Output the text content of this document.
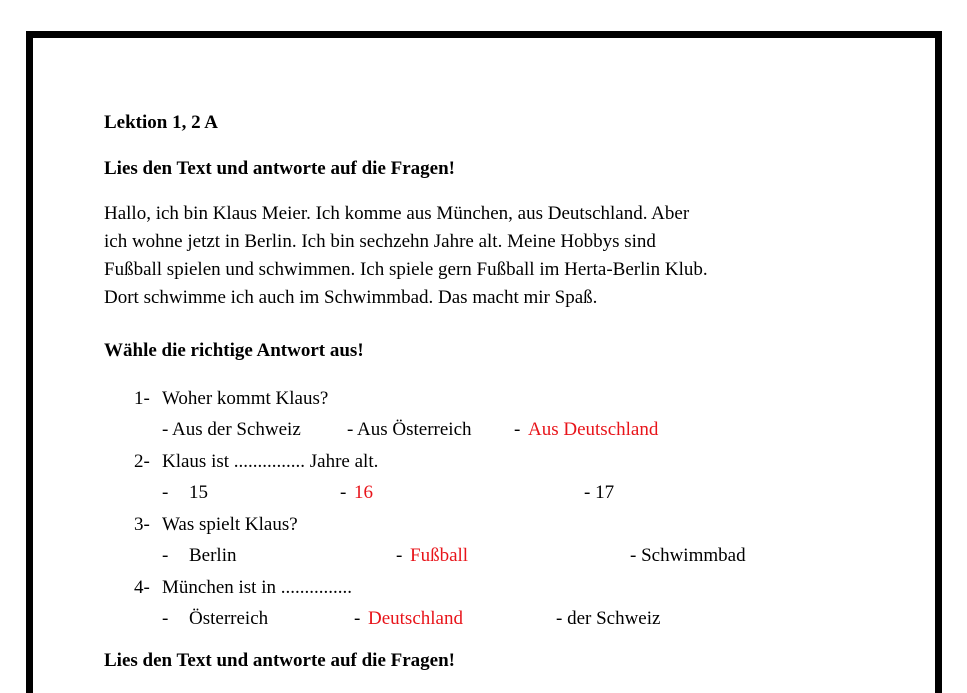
Lektion 1, 2 A
Lies den Text und antworte auf die Fragen!
Hallo, ich bin Klaus Meier. Ich komme aus München, aus Deutschland. Aber
ich wohne jetzt in Berlin. Ich bin sechzehn Jahre alt. Meine Hobbys sind
Fußball spielen und schwimmen. Ich spiele gern Fußball im Herta-Berlin Klub.
Dort schwimme ich auch im Schwimmbad. Das macht mir Spaß.
Wähle die richtige Antwort aus!
1- Woher kommt Klaus?
- Aus der Schweiz - Aus Österreich - Aus Deutschland
2- Klaus ist ............... Jahre alt.
- 15	- 16	- 17
3- Was spielt Klaus?
- Berlin	- Fußball	- Schwimmbad
4- München ist in ...............
- Österreich	- Deutschland	- der Schweiz
Lies den Text und antworte auf die Fragen!
